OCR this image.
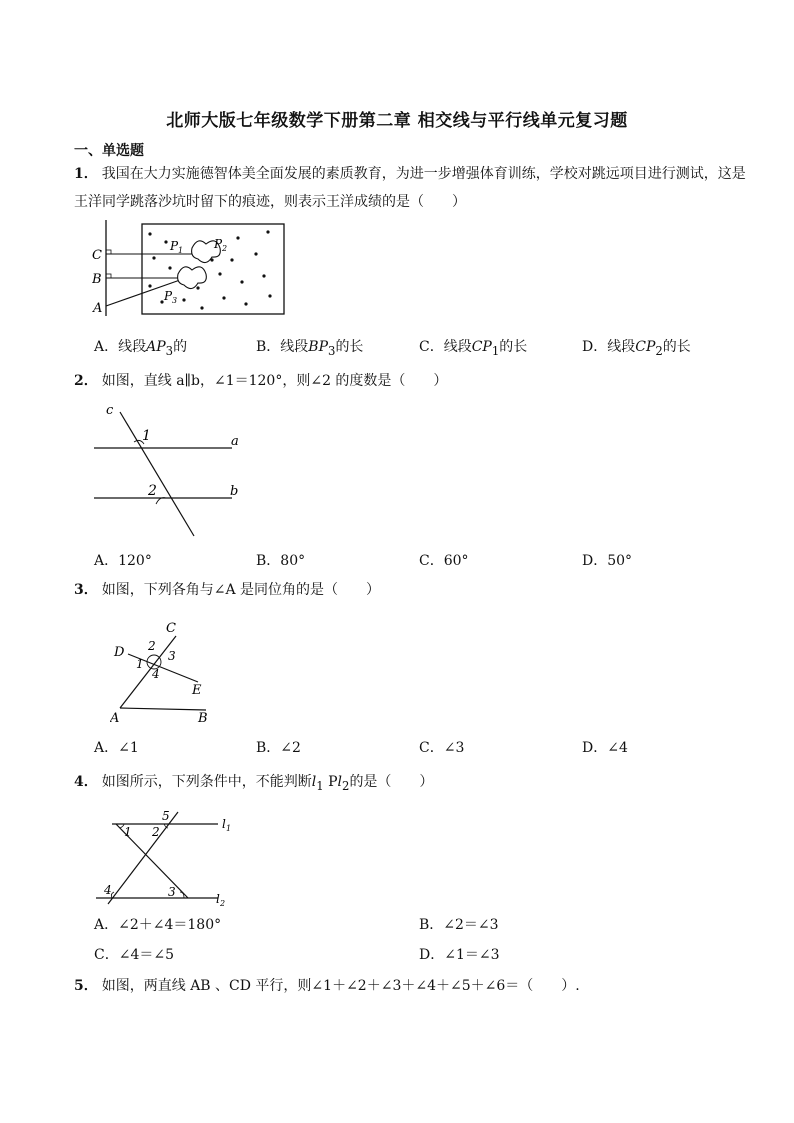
北师大版七年级数学下册第二章 相交线与平行线单元复习题
一、单选题
1． 我国在大力实施德智体美全面发展的素质教育，为进一步增强体育训练，学校对跳远项目进行测试，这是王洋同学跳落沙坑时留下的痕迹，则表示王洋成绩的是（　　）
C
B
A
P 1	P 2
P 3
A．线段$AP_3$的	B．线段$BP_3$的长	C．线段$CP_1$的长	D．线段$CP_2$的长
2． 如图，直线 a∥b，∠1＝120°，则∠2 的度数是（　　）
c
a
b
1
2
A．120°	B．80°	C．60°	D．50°
3． 如图，下列各角与∠A 是同位角的是（　　）
C
D
E
A	B
1
2
3
4
A．∠1	B．∠2	C．∠3	D．∠4
4． 如图所示，下列条件中，不能判断$l_1$ $Pl_2$的是（　　）
5
1 2
3
4
l 1
l 2
A．∠2＋∠4＝180°	B．∠2＝∠3
C．∠4＝∠5	D．∠1＝∠3
5． 如图，两直线 AB 、CD 平行，则∠1＋∠2＋∠3＋∠4＋∠5＋∠6＝（　　）.
